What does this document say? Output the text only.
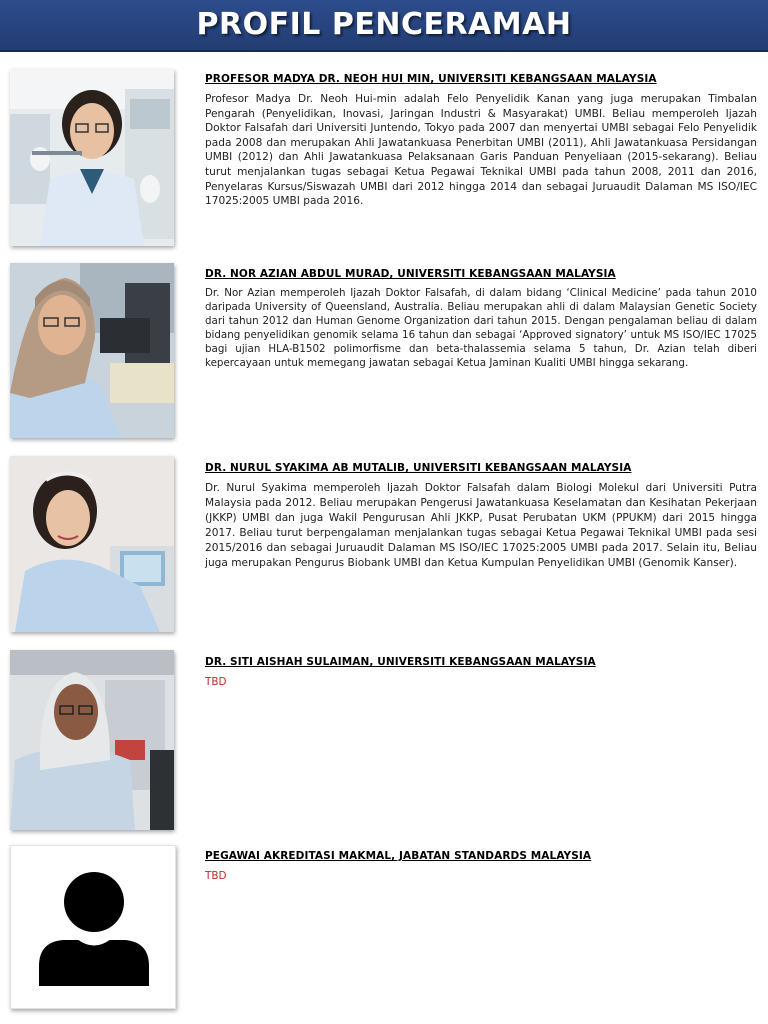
PROFIL PENCERAMAH
PROFESOR MADYA DR. NEOH HUI MIN, UNIVERSITI KEBANGSAAN MALAYSIA

Profesor Madya Dr. Neoh Hui-min adalah Felo Penyelidik Kanan yang juga merupakan Timbalan Pengarah (Penyelidikan, Inovasi, Jaringan Industri & Masyarakat) UMBI. Beliau memperoleh Ijazah Doktor Falsafah dari Universiti Juntendo, Tokyo pada 2007 dan menyertai UMBI sebagai Felo Penyelidik pada 2008 dan merupakan Ahli Jawatankuasa Penerbitan UMBI (2011), Ahli Jawatankuasa Persidangan UMBI (2012) dan Ahli Jawatankuasa Pelaksanaan Garis Panduan Penyeliaan (2015-sekarang). Beliau turut menjalankan tugas sebagai Ketua Pegawai Teknikal UMBI pada tahun 2008, 2011 dan 2016, Penyelaras Kursus/Siswazah UMBI dari 2012 hingga 2014 dan sebagai Juruaudit Dalaman MS ISO/IEC 17025:2005 UMBI pada 2016.

DR. NOR AZIAN ABDUL MURAD, UNIVERSITI KEBANGSAAN MALAYSIA

Dr. Nor Azian memperoleh Ijazah Doktor Falsafah, di dalam bidang ‘Clinical Medicine’ pada tahun 2010 daripada University of Queensland, Australia. Beliau merupakan ahli di dalam Malaysian Genetic Society dari tahun 2012 dan Human Genome Organization dari tahun 2015. Dengan pengalaman beliau di dalam bidang penyelidikan genomik selama 16 tahun dan sebagai ‘Approved signatory’ untuk MS ISO/IEC 17025 bagi ujian HLA-B1502 polimorfisme dan beta-thalassemia selama 5 tahun, Dr. Azian telah diberi kepercayaan untuk memegang jawatan sebagai Ketua Jaminan Kualiti UMBI hingga sekarang.

DR. NURUL SYAKIMA AB MUTALIB, UNIVERSITI KEBANGSAAN MALAYSIA

Dr. Nurul Syakima memperoleh Ijazah Doktor Falsafah dalam Biologi Molekul dari Universiti Putra Malaysia pada 2012. Beliau merupakan Pengerusi Jawatankuasa Keselamatan dan Kesihatan Pekerjaan (JKKP) UMBI dan juga Wakil Pengurusan Ahli JKKP, Pusat Perubatan UKM (PPUKM) dari 2015 hingga 2017. Beliau turut berpengalaman menjalankan tugas sebagai Ketua Pegawai Teknikal UMBI pada sesi 2015/2016 dan sebagai Juruaudit Dalaman MS ISO/IEC 17025:2005 UMBI pada 2017. Selain itu, Beliau juga merupakan Pengurus Biobank UMBI dan Ketua Kumpulan Penyelidikan UMBI (Genomik Kanser).

DR. SITI AISHAH SULAIMAN, UNIVERSITI KEBANGSAAN MALAYSIA

TBD

PEGAWAI AKREDITASI MAKMAL, JABATAN STANDARDS MALAYSIA

TBD
